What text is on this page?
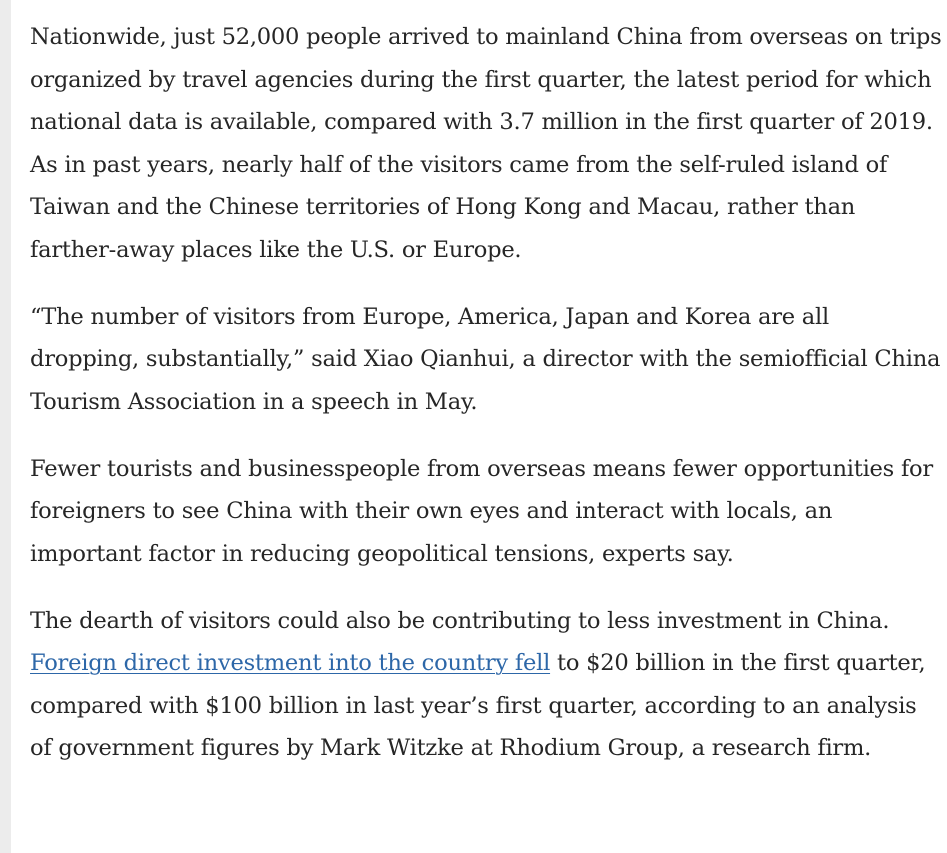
Nationwide, just 52,000 people arrived to mainland China from overseas on trips organized by travel agencies during the first quarter, the latest period for which national data is available, compared with 3.7 million in the first quarter of 2019. As in past years, nearly half of the visitors came from the self-ruled island of Taiwan and the Chinese territories of Hong Kong and Macau, rather than farther-away places like the U.S. or Europe.

“The number of visitors from Europe, America, Japan and Korea are all dropping, substantially,” said Xiao Qianhui, a director with the semiofficial China Tourism Association in a speech in May.

Fewer tourists and businesspeople from overseas means fewer opportunities for foreigners to see China with their own eyes and interact with locals, an important factor in reducing geopolitical tensions, experts say.

The dearth of visitors could also be contributing to less investment in China. Foreign direct investment into the country fell to $20 billion in the first quarter, compared with $100 billion in last year’s first quarter, according to an analysis of government figures by Mark Witzke at Rhodium Group, a research firm.
